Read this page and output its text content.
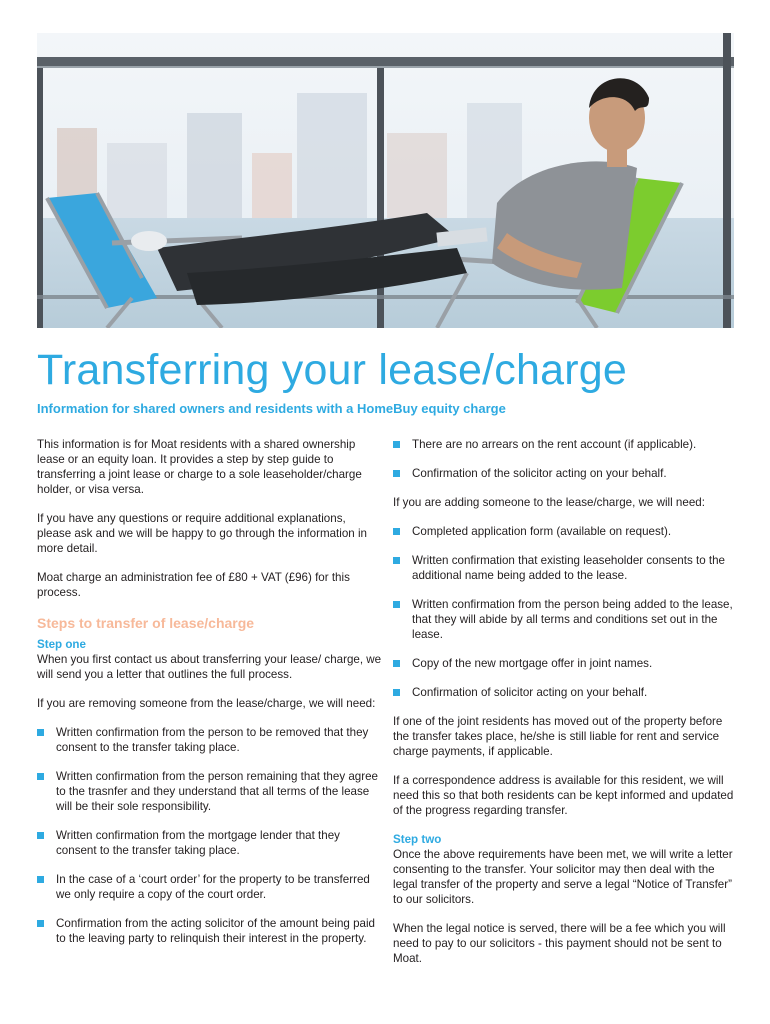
Transferring your lease/charge
Information for shared owners and residents with a HomeBuy equity charge

This information is for Moat residents with a shared ownership lease or an equity loan. It provides a step by step guide to transferring a joint lease or charge to a sole leaseholder/charge holder, or visa versa.

If you have any questions or require additional explanations, please ask and we will be happy to go through the information in more detail.

Moat charge an administration fee of £80 + VAT (£96) for this process.

Steps to transfer of lease/charge
Step one

When you first contact us about transferring your lease/ charge, we will send you a letter that outlines the full process.

If you are removing someone from the lease/charge, we will need:

Written confirmation from the person to be removed that they consent to the transfer taking place.
Written confirmation from the person remaining that they agree to the trasnfer and they understand that all terms of the lease will be their sole responsibility.
Written confirmation from the mortgage lender that they consent to the transfer taking place.
In the case of a ‘court order’ for the property to be transferred we only require a copy of the court order.
Confirmation from the acting solicitor of the amount being paid to the leaving party to relinquish their interest in the property.
There are no arrears on the rent account (if applicable).
Confirmation of the solicitor acting on your behalf.

If you are adding someone to the lease/charge, we will need:

Completed application form (available on request).
Written confirmation that existing leaseholder consents to the additional name being added to the lease.
Written confirmation from the person being added to the lease, that they will abide by all terms and conditions set out in the lease.
Copy of the new mortgage offer in joint names.
Confirmation of solicitor acting on your behalf.

If one of the joint residents has moved out of the property before the transfer takes place, he/she is still liable for rent and service charge payments, if applicable.

If a correspondence address is available for this resident, we will need this so that both residents can be kept informed and updated of the progress regarding transfer.

Step two

Once the above requirements have been met, we will write a letter consenting to the transfer. Your solicitor may then deal with the legal transfer of the property and serve a legal “Notice of Transfer” to our solicitors.

When the legal notice is served, there will be a fee which you will need to pay to our solicitors - this payment should not be sent to Moat.
